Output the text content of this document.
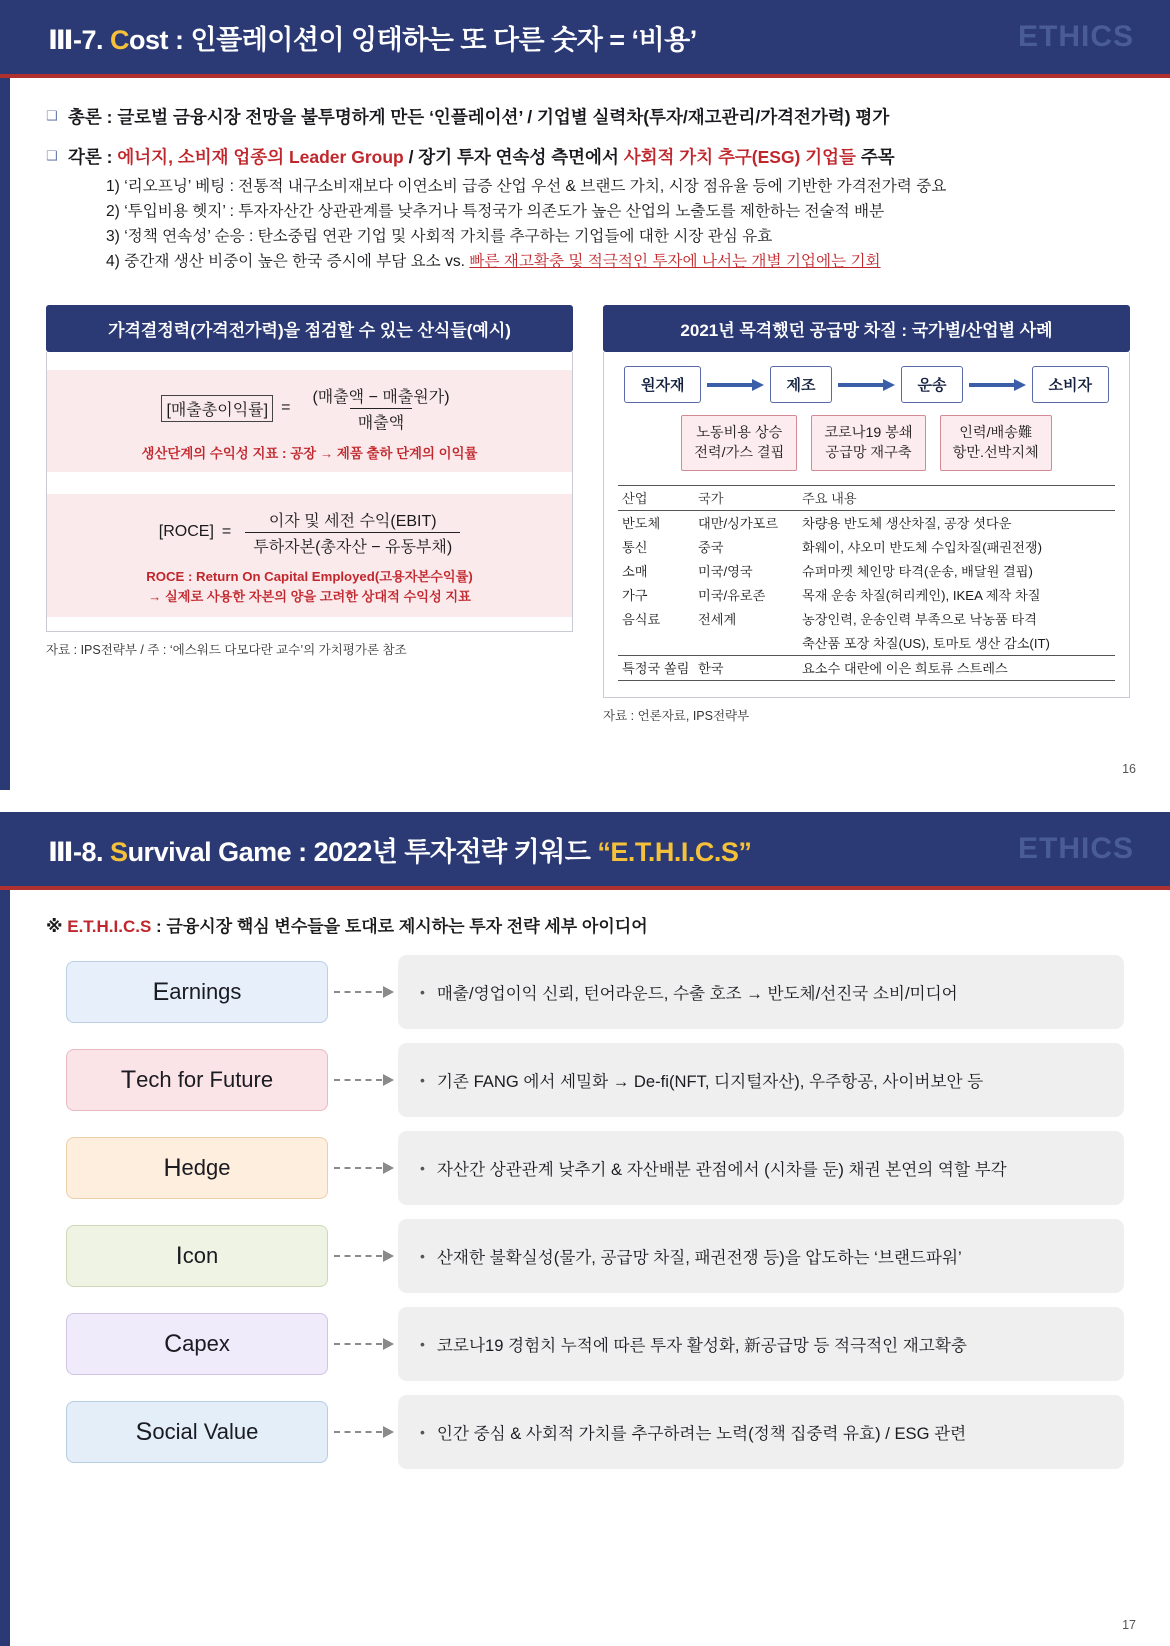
Ⅲ-7. Cost : 인플레이션이 잉태하는 또 다른 숫자 = ‘비용’	ETHICS
❑ 총론 : 글로벌 금융시장 전망을 불투명하게 만든 ‘인플레이션’ / 기업별 실력차(투자/재고관리/가격전가력) 평가
❑ 각론 : 에너지, 소비재 업종의 Leader Group / 장기 투자 연속성 측면에서 사회적 가치 추구(ESG) 기업들 주목
1) ‘리오프닝’ 베팅 : 전통적 내구소비재보다 이연소비 급증 산업 우선 & 브랜드 가치, 시장 점유율 등에 기반한 가격전가력 중요
2) ‘투입비용 헷지’ : 투자자산간 상관관계를 낮추거나 특정국가 의존도가 높은 산업의 노출도를 제한하는 전술적 배분
3) ‘정책 연속성’ 순응 : 탄소중립 연관 기업 및 사회적 가치를 추구하는 기업들에 대한 시장 관심 유효
4) 중간재 생산 비중이 높은 한국 증시에 부담 요소 vs. 빠른 재고확충 및 적극적인 투자에 나서는 개별 기업에는 기회
가격결정력(가격전가력)을 점검할 수 있는 산식들(예시)
[매출총이익률] = $\frac{\text{(매출액 − 매출원가)}}{\text{매출액}}$
생산단계의 수익성 지표 : 공장 → 제품 출하 단계의 이익률
[ROCE] = $\frac{\text{이자 및 세전 수익(EBIT)}}{\text{투하자본(총자산 − 유동부채)}}$
ROCE : Return On Capital Employed(고용자본수익률)
→ 실제로 사용한 자본의 양을 고려한 상대적 수익성 지표
자료 : IPS전략부 / 주 : ‘에스워드 다모다란 교수’의 가치평가론 참조
2021년 목격했던 공급망 차질 : 국가별/산업별 사례
원자재	제조	운송	소비자
노동비용 상승
전력/가스 결핍
코로나19 봉쇄
공급망 재구축
인력/배송難
항만.선박지체
산업	국가	주요 내용
반도체	대만/싱가포르	차량용 반도체 생산차질, 공장 셧다운
통신	중국	화웨이, 샤오미 반도체 수입차질(패권전쟁)
소매	미국/영국	슈퍼마켓 체인망 타격(운송, 배달원 결핍)
가구	미국/유로존	목재 운송 차질(허리케인), IKEA 제작 차질
음식료	전세계	농장인력, 운송인력 부족으로 낙농품 타격
		축산품 포장 차질(US), 토마토 생산 감소(IT)
특정국 쏠림	한국	요소수 대란에 이은 희토류 스트레스
자료 : 언론자료, IPS전략부
16
Ⅲ-8. Survival Game : 2022년 투자전략 키워드 “E.T.H.I.C.S”	ETHICS
※ E.T.H.I.C.S : 금융시장 핵심 변수들을 토대로 제시하는 투자 전략 세부 아이디어
E arnings	• 매출/영업이익 신뢰, 턴어라운드, 수출 호조 → 반도체/선진국 소비/미디어
T ech for Future	• 기존 FANG 에서 세밀화 → De-fi(NFT, 디지털자산), 우주항공, 사이버보안 등
H edge	• 자산간 상관관계 낮추기 & 자산배분 관점에서 (시차를 둔) 채권 본연의 역할 부각
I con	• 산재한 불확실성(물가, 공급망 차질, 패권전쟁 등)을 압도하는 ‘브랜드파워’
C apex	• 코로나19 경험치 누적에 따른 투자 활성화, 新공급망 등 적극적인 재고확충
S ocial Value	• 인간 중심 & 사회적 가치를 추구하려는 노력(정책 집중력 유효) / ESG 관련
17
